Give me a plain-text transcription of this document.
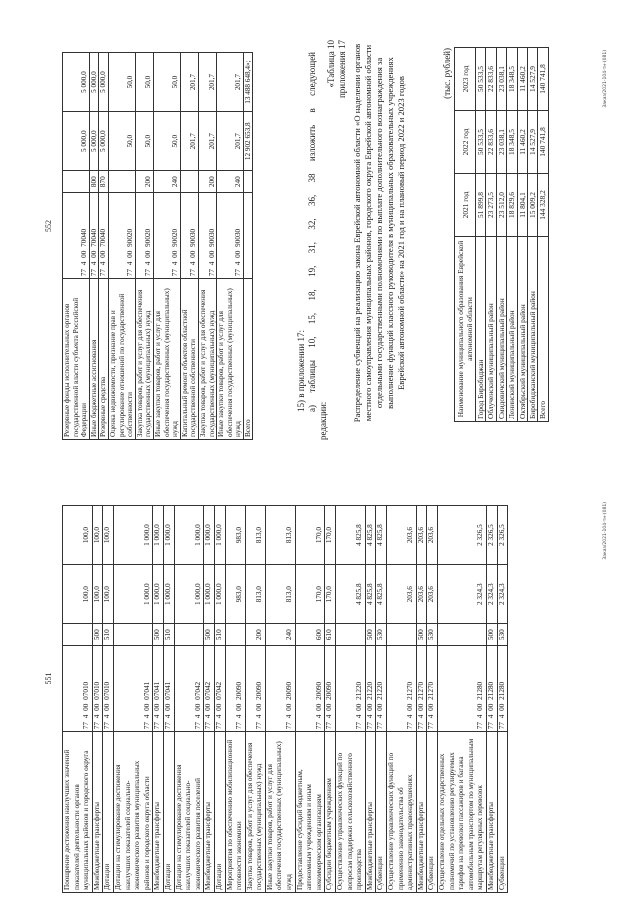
552
Резервные фонды исполнительных органов государственной власти субъекта Российской Федерации	77 4 00 70040		5 000,0	5 000,0
Иные бюджетные ассигнования	77 4 00 70040	800	5 000,0	5 000,0
Резервные средства	77 4 00 70040	870	5 000,0	5 000,0
Оценка недвижимости, признание прав и регулирование отношений по государственной собственности	77 4 00 90020		50,0	50,0
Закупка товаров, работ и услуг для обеспечения государственных (муниципальных) нужд	77 4 00 90020	200	50,0	50,0
Иные закупки товаров, работ и услуг для обеспечения государственных (муниципальных) нужд	77 4 00 90020	240	50,0	50,0
Капитальный ремонт объектов областной государственной собственности	77 4 00 90030		201,7	201,7
Закупка товаров, работ и услуг для обеспечения государственных (муниципальных) нужд	77 4 00 90030	200	201,7	201,7
Иные закупки товаров, работ и услуг для обеспечения государственных (муниципальных) нужд	77 4 00 90030	240	201,7	201,7
Всего			12 902 653,8	13 488 648,4»;
15) в приложении 17: а) таблицы 10, 15, 18, 19, 31, 32, 36, 38 изложить в следующей
редакции:
«Таблица 10 приложения 17 Распределение субвенций на реализацию закона Еврейской автономной области «О наделении органов местного самоуправления муниципальных районов, городского округа Еврейской автономной области отдельными государственными полномочиями по выплате дополнительного вознаграждения за выполнение функций классного руководителя в муниципальных образовательных учреждениях Еврейской автономной области» на 2021 год и на плановый период 2022 и 2023 годов
(тыс. рублей)
Наименование муниципального образования Еврейской автономной области	2021 год	2022 год	2023 год
Город Биробиджан	51 899,8	50 533,5	50 533,5
Облученский муниципальный район	23 273,5	22 833,6	22 833,6
Смидовичский муниципальный район	23 512,0	23 038,1	23 038,1
Ленинский муниципальный район	18 829,6	18 348,5	18 348,5
Октябрьский муниципальный район	11 804,1	11 460,2	11 460,2
Биробиджанский муниципальный район	15 009,2	14 527,9	14 527,9
Всего	144 328,2	140 741,8	140 741,8	Заказ/2021-104-тн-(081)
551
Поощрение достижения наилучших значений показателей деятельности органов муниципальных районов и городского округа	77 4 00 07010		100,0	100,0
Межбюджетные трансферты	77 4 00 07010	500	100,0	100,0
Дотации	77 4 00 07010	510	100,0	100,0
Дотации на стимулирование достижения наилучших показателей социально-экономического развития муниципальных районов и городского округа области	77 4 00 07041		1 000,0	1 000,0
Межбюджетные трансферты	77 4 00 07041	500	1 000,0	1 000,0
Дотации	77 4 00 07041	510	1 000,0	1 000,0
Дотации на стимулирование достижения наилучших показателей социально-экономического развития поселений	77 4 00 07042		1 000,0	1 000,0
Межбюджетные трансферты	77 4 00 07042	500	1 000,0	1 000,0
Дотации	77 4 00 07042	510	1 000,0	1 000,0
Мероприятия по обеспечению мобилизационной готовности экономики	77 4 00 20090		983,0	983,0
Закупка товаров, работ и услуг для обеспечения государственных (муниципальных) нужд	77 4 00 20090	200	813,0	813,0
Иные закупки товаров, работ и услуг для обеспечения государственных (муниципальных) нужд	77 4 00 20090	240	813,0	813,0
Предоставление субсидий бюджетным, автономным учреждениям и иным некоммерческим организациям	77 4 00 20090	600	170,0	170,0
Субсидии бюджетным учреждениям	77 4 00 20090	610	170,0	170,0
Осуществление управленческих функций по вопросам поддержки сельскохозяйственного производства	77 4 00 21220		4 825,8	4 825,8
Межбюджетные трансферты	77 4 00 21220	500	4 825,8	4 825,8
Субвенции	77 4 00 21220	530	4 825,8	4 825,8
Осуществление управленческих функций по применению законодательства об административных правонарушениях	77 4 00 21270		203,6	203,6
Межбюджетные трансферты	77 4 00 21270	500	203,6	203,6
Субвенции	77 4 00 21270	530	203,6	203,6
Осуществление отдельных государственных полномочий по установлению регулируемых тарифов на перевозки пассажиров и багажа автомобильным транспортом по муниципальным маршрутам регулярных перевозок	77 4 00 21280		2 324,3	2 326,5
Межбюджетные трансферты	77 4 00 21280	500	2 324,3	2 326,5
Субвенции	77 4 00 21280	530	2 324,3	2 326,5	Заказ/2021-104-тн-(081)
